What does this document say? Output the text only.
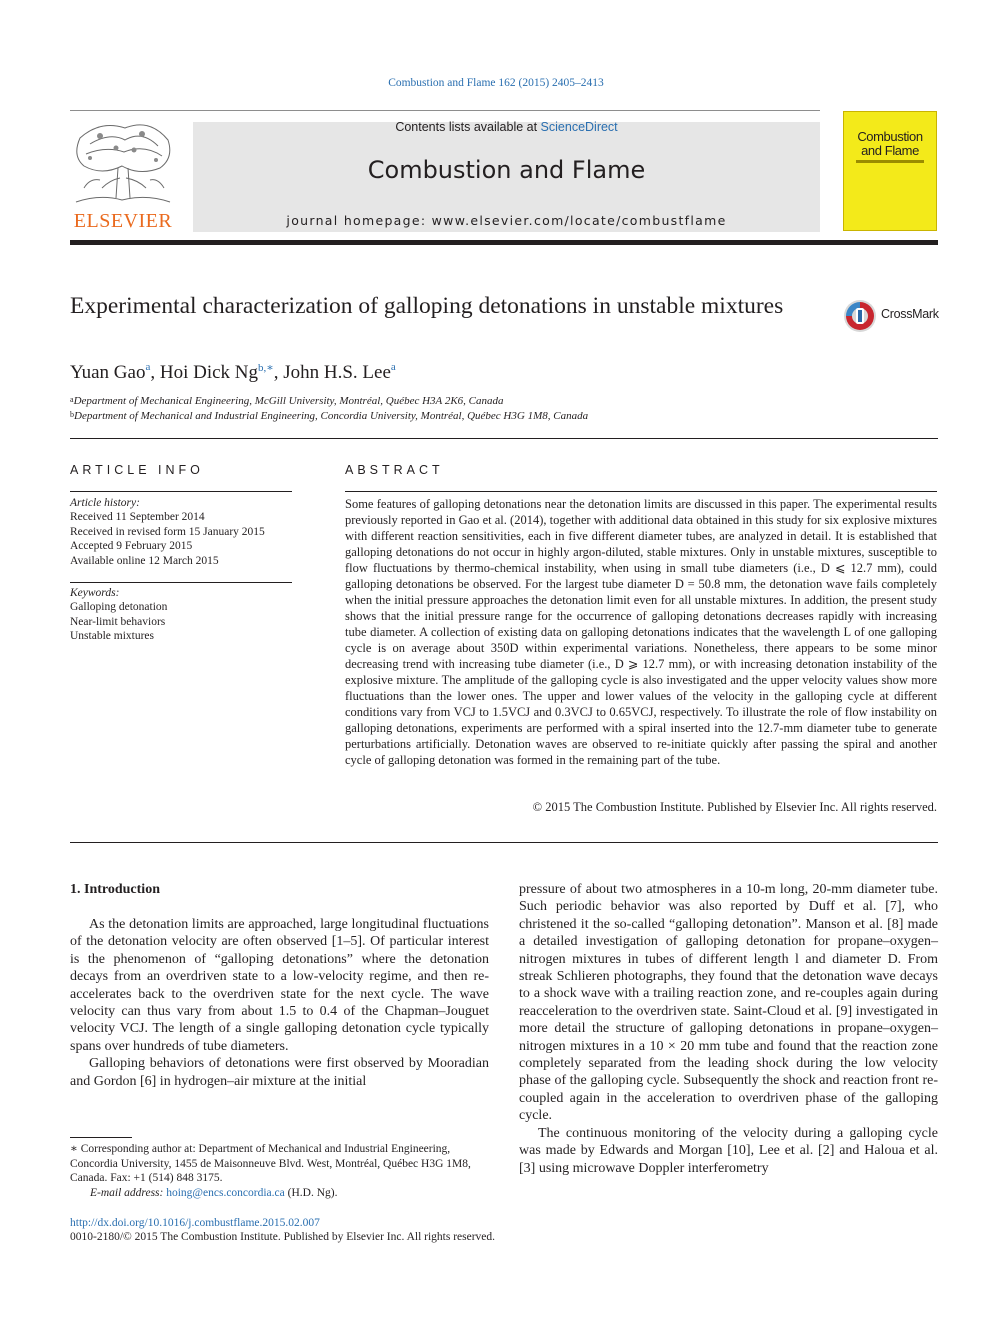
Combustion and Flame 162 (2015) 2405–2413
ELSEVIER
Contents lists available at ScienceDirect
Combustion and Flame
journal homepage: www.elsevier.com/locate/combustflame
Combustion
and Flame
Experimental characterization of galloping detonations in unstable mixtures	CrossMark
Yuan Gao$^a$, Hoi Dick $Ng^{b,∗}$, John H.S. Lee$^a$
$^a$Department of Mechanical Engineering, McGill University, Montréal, Québec H3A 2K6, Canada
$^b$Department of Mechanical and Industrial Engineering, Concordia University, Montréal, Québec H3G 1M8, Canada
ARTICLE INFO
Article history:
Received 11 September 2014
Received in revised form 15 January 2015
Accepted 9 February 2015
Available online 12 March 2015
Keywords:
Galloping detonation
Near-limit behaviors
Unstable mixtures
ABSTRACT
Some features of galloping detonations near the detonation limits are discussed in this paper. The experimental results previously reported in Gao et al. (2014), together with additional data obtained in this study for six explosive mixtures with different reaction sensitivities, each in five different diameter tubes, are analyzed in detail. It is established that galloping detonations do not occur in highly argon-diluted, stable mixtures. Only in unstable mixtures, susceptible to flow fluctuations by thermo-chemical instability, when using in small tube diameters (i.e., D ⩽ 12.7 mm), could galloping detonations be observed. For the largest tube diameter D = 50.8 mm, the detonation wave fails completely when the initial pressure approaches the detonation limit even for all unstable mixtures. In addition, the present study shows that the initial pressure range for the occurrence of galloping detonations decreases rapidly with increasing tube diameter. A collection of existing data on galloping detonations indicates that the wavelength L of one galloping cycle is on average about 350D within experimental variations. Nonetheless, there appears to be some minor decreasing trend with increasing tube diameter (i.e., D ⩾ 12.7 mm), or with increasing detonation instability of the explosive mixture. The amplitude of the galloping cycle is also investigated and the upper velocity values show more fluctuations than the lower ones. The upper and lower values of the velocity in the galloping cycle at different conditions vary from VCJ to 1.5VCJ and 0.3VCJ to 0.65VCJ, respectively. To illustrate the role of flow instability on galloping detonations, experiments are performed with a spiral inserted into the 12.7-mm diameter tube to generate perturbations artificially. Detonation waves are observed to re-initiate quickly after passing the spiral and another cycle of galloping detonation was formed in the remaining part of the tube.
© 2015 The Combustion Institute. Published by Elsevier Inc. All rights reserved.
1. Introduction

As the detonation limits are approached, large longitudinal fluctuations of the detonation velocity are often observed [1–5]. Of particular interest is the phenomenon of “galloping detonations” where the detonation decays from an overdriven state to a low-velocity regime, and then re-accelerates back to the overdriven state for the next cycle. The wave velocity can thus vary from about 1.5 to 0.4 of the Chapman–Jouguet velocity VCJ. The length of a single galloping detonation cycle typically spans over hundreds of tube diameters.

Galloping behaviors of detonations were first observed by Mooradian and Gordon [6] in hydrogen–air mixture at the initial

pressure of about two atmospheres in a 10-m long, 20-mm diameter tube. Such periodic behavior was also reported by Duff et al. [7], who christened it the so-called “galloping detonation”. Manson et al. [8] made a detailed investigation of galloping detonation for propane–oxygen–nitrogen mixtures in tubes of different length l and diameter D. From streak Schlieren photographs, they found that the detonation wave decays to a shock wave with a trailing reaction zone, and re-couples again during reacceleration to the overdriven state. Saint-Cloud et al. [9] investigated in more detail the structure of galloping detonations in propane–oxygen–nitrogen mixtures in a 10 × 20 mm tube and found that the reaction zone completely separated from the leading shock during the low velocity phase of the galloping cycle. Subsequently the shock and reaction front re-coupled again in the acceleration to overdriven phase of the galloping cycle.

The continuous monitoring of the velocity during a galloping cycle was made by Edwards and Morgan [10], Lee et al. [2] and Haloua et al. [3] using microwave Doppler interferometry

∗ Corresponding author at: Department of Mechanical and Industrial Engineering, Concordia University, 1455 de Maisonneuve Blvd. West, Montréal, Québec H3G 1M8, Canada. Fax: +1 (514) 848 3175.
E-mail address: hoing@encs.concordia.ca (H.D. Ng).
http://dx.doi.org/10.1016/j.combustflame.2015.02.007
0010-2180/© 2015 The Combustion Institute. Published by Elsevier Inc. All rights reserved.
